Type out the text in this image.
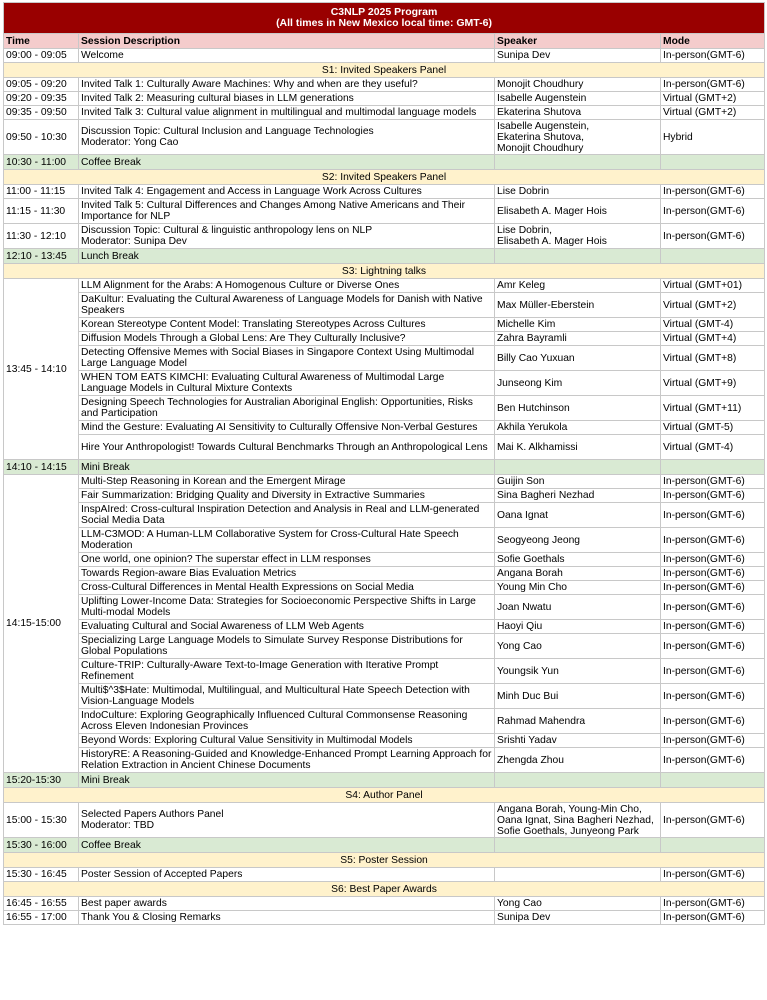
C3NLP 2025 Program
(All times in New Mexico local time: GMT-6)			

Time	Session Description	Speaker	Mode
09:00 - 09:05	Welcome	Sunipa Dev	In-person(GMT-6)
S1: Invited Speakers Panel			
09:05 - 09:20	Invited Talk 1: Culturally Aware Machines: Why and when are they useful?	Monojit Choudhury	In-person(GMT-6)
09:20 - 09:35	Invited Talk 2: Measuring cultural biases in LLM generations	Isabelle Augenstein	Virtual (GMT+2)
09:35 - 09:50	Invited Talk 3: Cultural value alignment in multilingual and multimodal language models	Ekaterina Shutova	Virtual (GMT+2)
09:50 - 10:30	Discussion Topic: Cultural Inclusion and Language Technologies
Moderator: Yong Cao	Isabelle Augenstein,
Ekaterina Shutova,
Monojit Choudhury	Hybrid
10:30 - 11:00	Coffee Break		
S2: Invited Speakers Panel			
11:00 - 11:15	Invited Talk 4: Engagement and Access in Language Work Across Cultures	Lise Dobrin	In-person(GMT-6)
11:15 - 11:30	Invited Talk 5: Cultural Differences and Changes Among Native Americans and Their Importance for NLP	Elisabeth A. Mager Hois	In-person(GMT-6)
11:30 - 12:10	Discussion Topic: Cultural & linguistic anthropology lens on NLP
Moderator: Sunipa Dev	Lise Dobrin,
Elisabeth A. Mager Hois	In-person(GMT-6)
12:10 - 13:45	Lunch Break		
S3: Lightning talks			
13:45 - 14:10	LLM Alignment for the Arabs: A Homogenous Culture or Diverse Ones	Amr Keleg	Virtual (GMT+01)
	DaKultur: Evaluating the Cultural Awareness of Language Models for Danish with Native Speakers	Max Müller-Eberstein	Virtual (GMT+2)
	Korean Stereotype Content Model: Translating Stereotypes Across Cultures	Michelle Kim	Virtual (GMT-4)
	Diffusion Models Through a Global Lens: Are They Culturally Inclusive?	Zahra Bayramli	Virtual (GMT+4)
	Detecting Offensive Memes with Social Biases in Singapore Context Using Multimodal Large Language Model	Billy Cao Yuxuan	Virtual (GMT+8)
	WHEN TOM EATS KIMCHI: Evaluating Cultural Awareness of Multimodal Large Language Models in Cultural Mixture Contexts	Junseong Kim	Virtual (GMT+9)
	Designing Speech Technologies for Australian Aboriginal English: Opportunities, Risks and Participation	Ben Hutchinson	Virtual (GMT+11)
	Mind the Gesture: Evaluating AI Sensitivity to Culturally Offensive Non-Verbal Gestures	Akhila Yerukola	Virtual (GMT-5)
	Hire Your Anthropologist! Towards Cultural Benchmarks Through an Anthropological Lens	Mai K. Alkhamissi	Virtual (GMT-4)
14:10 - 14:15	Mini Break		
14:15-15:00	Multi-Step Reasoning in Korean and the Emergent Mirage	Guijin Son	In-person(GMT-6)
	Fair Summarization: Bridging Quality and Diversity in Extractive Summaries	Sina Bagheri Nezhad	In-person(GMT-6)
	InspAIred: Cross-cultural Inspiration Detection and Analysis in Real and LLM-generated Social Media Data	Oana Ignat	In-person(GMT-6)
	LLM-C3MOD: A Human-LLM Collaborative System for Cross-Cultural Hate Speech Moderation	Seogyeong Jeong	In-person(GMT-6)
	One world, one opinion? The superstar effect in LLM responses	Sofie Goethals	In-person(GMT-6)
	Towards Region-aware Bias Evaluation Metrics	Angana Borah	In-person(GMT-6)
	Cross-Cultural Differences in Mental Health Expressions on Social Media	Young Min Cho	In-person(GMT-6)
	Uplifting Lower-Income Data: Strategies for Socioeconomic Perspective Shifts in Large Multi-modal Models	Joan Nwatu	In-person(GMT-6)
	Evaluating Cultural and Social Awareness of LLM Web Agents	Haoyi Qiu	In-person(GMT-6)
	Specializing Large Language Models to Simulate Survey Response Distributions for Global Populations	Yong Cao	In-person(GMT-6)
	Culture-TRIP: Culturally-Aware Text-to-Image Generation with Iterative Prompt Refinement	Youngsik Yun	In-person(GMT-6)
	Multi$^3$Hate: Multimodal, Multilingual, and Multicultural Hate Speech Detection with Vision-Language Models	Minh Duc Bui	In-person(GMT-6)
	IndoCulture: Exploring Geographically Influenced Cultural Commonsense Reasoning Across Eleven Indonesian Provinces	Rahmad Mahendra	In-person(GMT-6)
	Beyond Words: Exploring Cultural Value Sensitivity in Multimodal Models	Srishti Yadav	In-person(GMT-6)
	HistoryRE: A Reasoning-Guided and Knowledge-Enhanced Prompt Learning Approach for Relation Extraction in Ancient Chinese Documents	Zhengda Zhou	In-person(GMT-6)
15:20-15:30	Mini Break		
S4: Author Panel			
15:00 - 15:30	Selected Papers Authors Panel
Moderator: TBD	Angana Borah, Young-Min Cho,
Oana Ignat, Sina Bagheri Nezhad,
Sofie Goethals, Junyeong Park	In-person(GMT-6)
15:30 - 16:00	Coffee Break		
S5: Poster Session			
15:30 - 16:45	Poster Session of Accepted Papers		In-person(GMT-6)
S6: Best Paper Awards			
16:45 - 16:55	Best paper awards	Yong Cao	In-person(GMT-6)
16:55 - 17:00	Thank You & Closing Remarks	Sunipa Dev	In-person(GMT-6)
